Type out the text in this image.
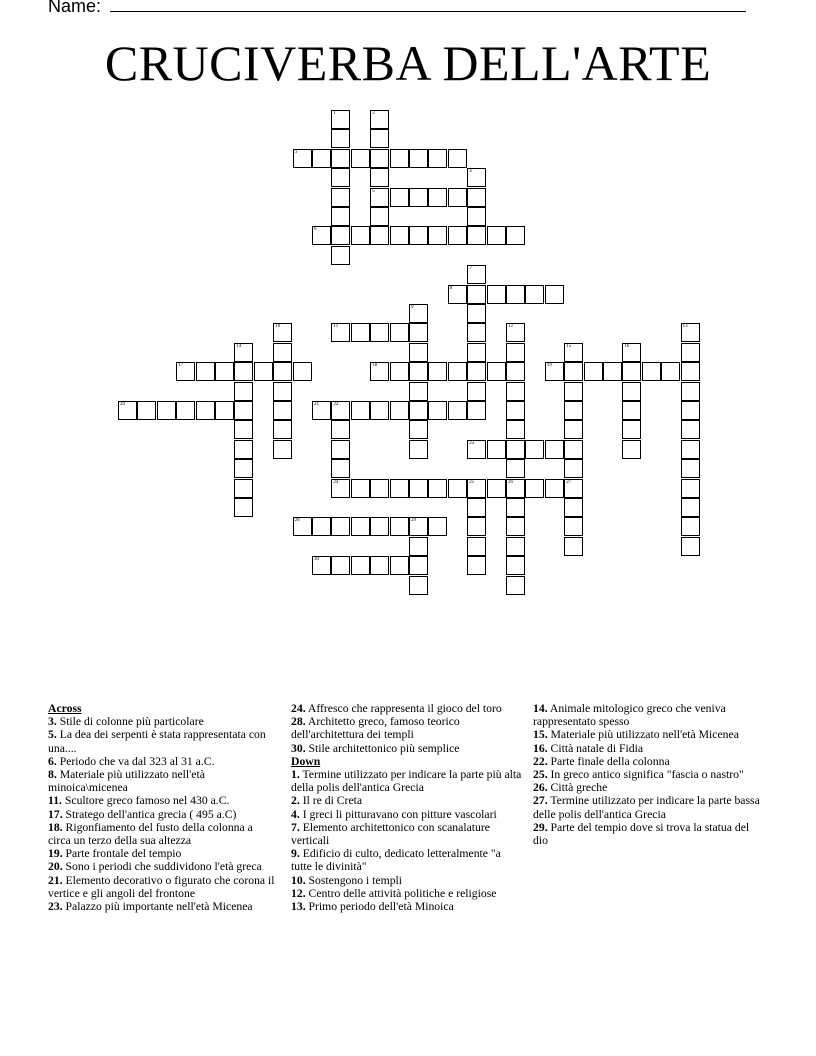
Name:
CRUCIVERBA DELL'ARTE
1	2
5
3
4
6
7
8
9
10	11	12	13
14	15
27
16
17	18	19
20	21	22
23
24	25	26
28	29
30
Across
3. Stile di colonne più particolare
5. La dea dei serpenti è stata rappresentata con una....
6. Periodo che va dal 323 al 31 a.C.
8. Materiale più utilizzato nell'età minoica\micenea
11. Scultore greco famoso nel 430 a.C.
17. Stratego dell'antica grecia ( 495 a.C)
18. Rigonfiamento del fusto della colonna a circa un terzo della sua altezza
19. Parte frontale del tempio
20. Sono i periodi che suddividono l'età greca
21. Elemento decorativo o figurato che corona il vertice e gli angoli del frontone
23. Palazzo più importante nell'età Micenea
24. Affresco che rappresenta il gioco del toro
28. Architetto greco, famoso teorico dell'architettura dei templi
30. Stile architettonico più semplice
Down
1. Termine utilizzato per indicare la parte più alta della polis dell'antica Grecia
2. Il re di Creta
4. I greci li pitturavano con pitture vascolari
7. Elemento architettonico con scanalature verticali
9. Edificio di culto, dedicato letteralmente "a tutte le divinità"
10. Sostengono i templi
12. Centro delle attività politiche e religiose
13. Primo periodo dell'età Minoica
14. Animale mitologico greco che veniva rappresentato spesso
15. Materiale più utilizzato nell'età Micenea
16. Città natale di Fidia
22. Parte finale della colonna
25. In greco antico significa "fascia o nastro"
26. Città greche
27. Termine utilizzato per indicare la parte bassa delle polis dell'antica Grecia
29. Parte del tempio dove si trova la statua del dio
